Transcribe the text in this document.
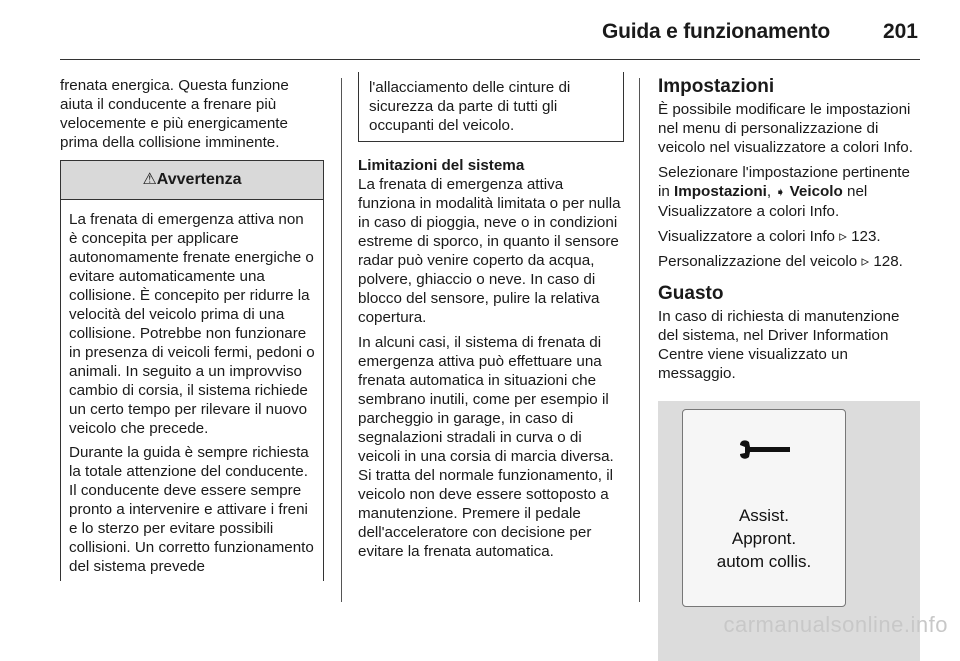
Guida e funzionamento	201

frenata energica. Questa funzione aiuta il conducente a frenare più velocemente e più energicamente prima della collisione imminente.

⚠Avvertenza

La frenata di emergenza attiva non è concepita per applicare autonomamente frenate energiche o evitare automaticamente una collisione. È concepito per ridurre la velocità del veicolo prima di una collisione. Potrebbe non funzionare in presenza di veicoli fermi, pedoni o animali. In seguito a un improvviso cambio di corsia, il sistema richiede un certo tempo per rilevare il nuovo veicolo che precede.

Durante la guida è sempre richiesta la totale attenzione del conducente. Il conducente deve essere sempre pronto a intervenire e attivare i freni e lo sterzo per evitare possibili collisioni. Un corretto funzionamento del sistema prevede

l'allacciamento delle cinture di sicurezza da parte di tutti gli occupanti del veicolo.
Limitazioni del sistema

La frenata di emergenza attiva funziona in modalità limitata o per nulla in caso di pioggia, neve o in condizioni estreme di sporco, in quanto il sensore radar può venire coperto da acqua, polvere, ghiaccio o neve. In caso di blocco del sensore, pulire la relativa copertura.

In alcuni casi, il sistema di frenata di emergenza attiva può effettuare una frenata automatica in situazioni che sembrano inutili, come per esempio il parcheggio in garage, in caso di segnalazioni stradali in curva o di veicoli in una corsia di marcia diversa. Si tratta del normale funzionamento, il veicolo non deve essere sottoposto a manutenzione. Premere il pedale dell'acceleratore con decisione per evitare la frenata automatica.

Impostazioni

È possibile modificare le impostazioni nel menu di personalizzazione di veicolo nel visualizzatore a colori Info.

Selezionare l'impostazione pertinente in Impostazioni, ➧ Veicolo nel Visualizzatore a colori Info.

Visualizzatore a colori Info ▹ 123.

Personalizzazione del veicolo ▹ 128.

Guasto

In caso di richiesta di manutenzione del sistema, nel Driver Information Centre viene visualizzato un messaggio.

Assist.
Appront.
autom collis.
carmanualsonline.info
